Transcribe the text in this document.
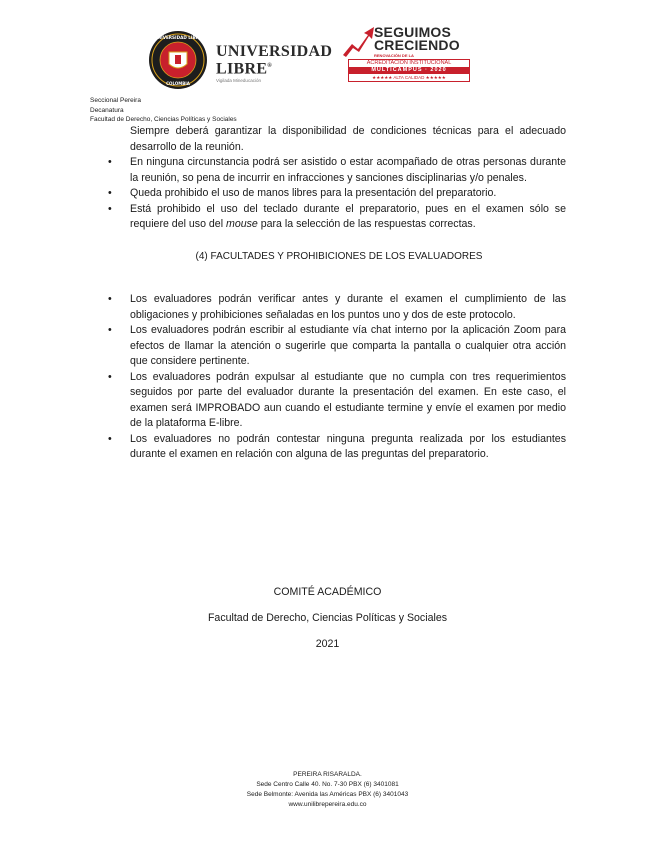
UNIVERSIDAD LIBRE
COLOMBIA
UNIVERSIDAD
LIBRE®
Vigilada Mineducación
SEGUIMOS
CRECIENDO
RENOVACIÓN DE LA
ACREDITACIÓN INSTITUCIONAL
MULTICAMPUS · 2020
★★★★★ ALTA CALIDAD ★★★★★
Seccional Pereira
Decanatura
Facultad de Derecho, Ciencias Políticas y Sociales

Siempre deberá garantizar la disponibilidad de condiciones técnicas para el adecuado desarrollo de la reunión.

• En ninguna circunstancia podrá ser asistido o estar acompañado de otras personas durante la reunión, so pena de incurrir en infracciones y sanciones disciplinarias y/o penales.
• Queda prohibido el uso de manos libres para la presentación del preparatorio.
• Está prohibido el uso del teclado durante el preparatorio, pues en el examen sólo se requiere del uso del mouse para la selección de las respuestas correctas.

(4) FACULTADES Y PROHIBICIONES DE LOS EVALUADORES

• Los evaluadores podrán verificar antes y durante el examen el cumplimiento de las obligaciones y prohibiciones señaladas en los puntos uno y dos de este protocolo.
• Los evaluadores podrán escribir al estudiante vía chat interno por la aplicación Zoom para efectos de llamar la atención o sugerirle que comparta la pantalla o cualquier otra acción que considere pertinente.
• Los evaluadores podrán expulsar al estudiante que no cumpla con tres requerimientos seguidos por parte del evaluador durante la presentación del examen. En este caso, el examen será IMPROBADO aun cuando el estudiante termine y envíe el examen por medio de la plataforma E-libre.
• Los evaluadores no podrán contestar ninguna pregunta realizada por los estudiantes durante el examen en relación con alguna de las preguntas del preparatorio.
COMITÉ ACADÉMICO
Facultad de Derecho, Ciencias Políticas y Sociales
2021
PEREIRA RISARALDA.
Sede Centro Calle 40. No. 7-30 PBX (6) 3401081
Sede Belmonte: Avenida las Américas PBX (6) 3401043
www.unilibrepereira.edu.co
